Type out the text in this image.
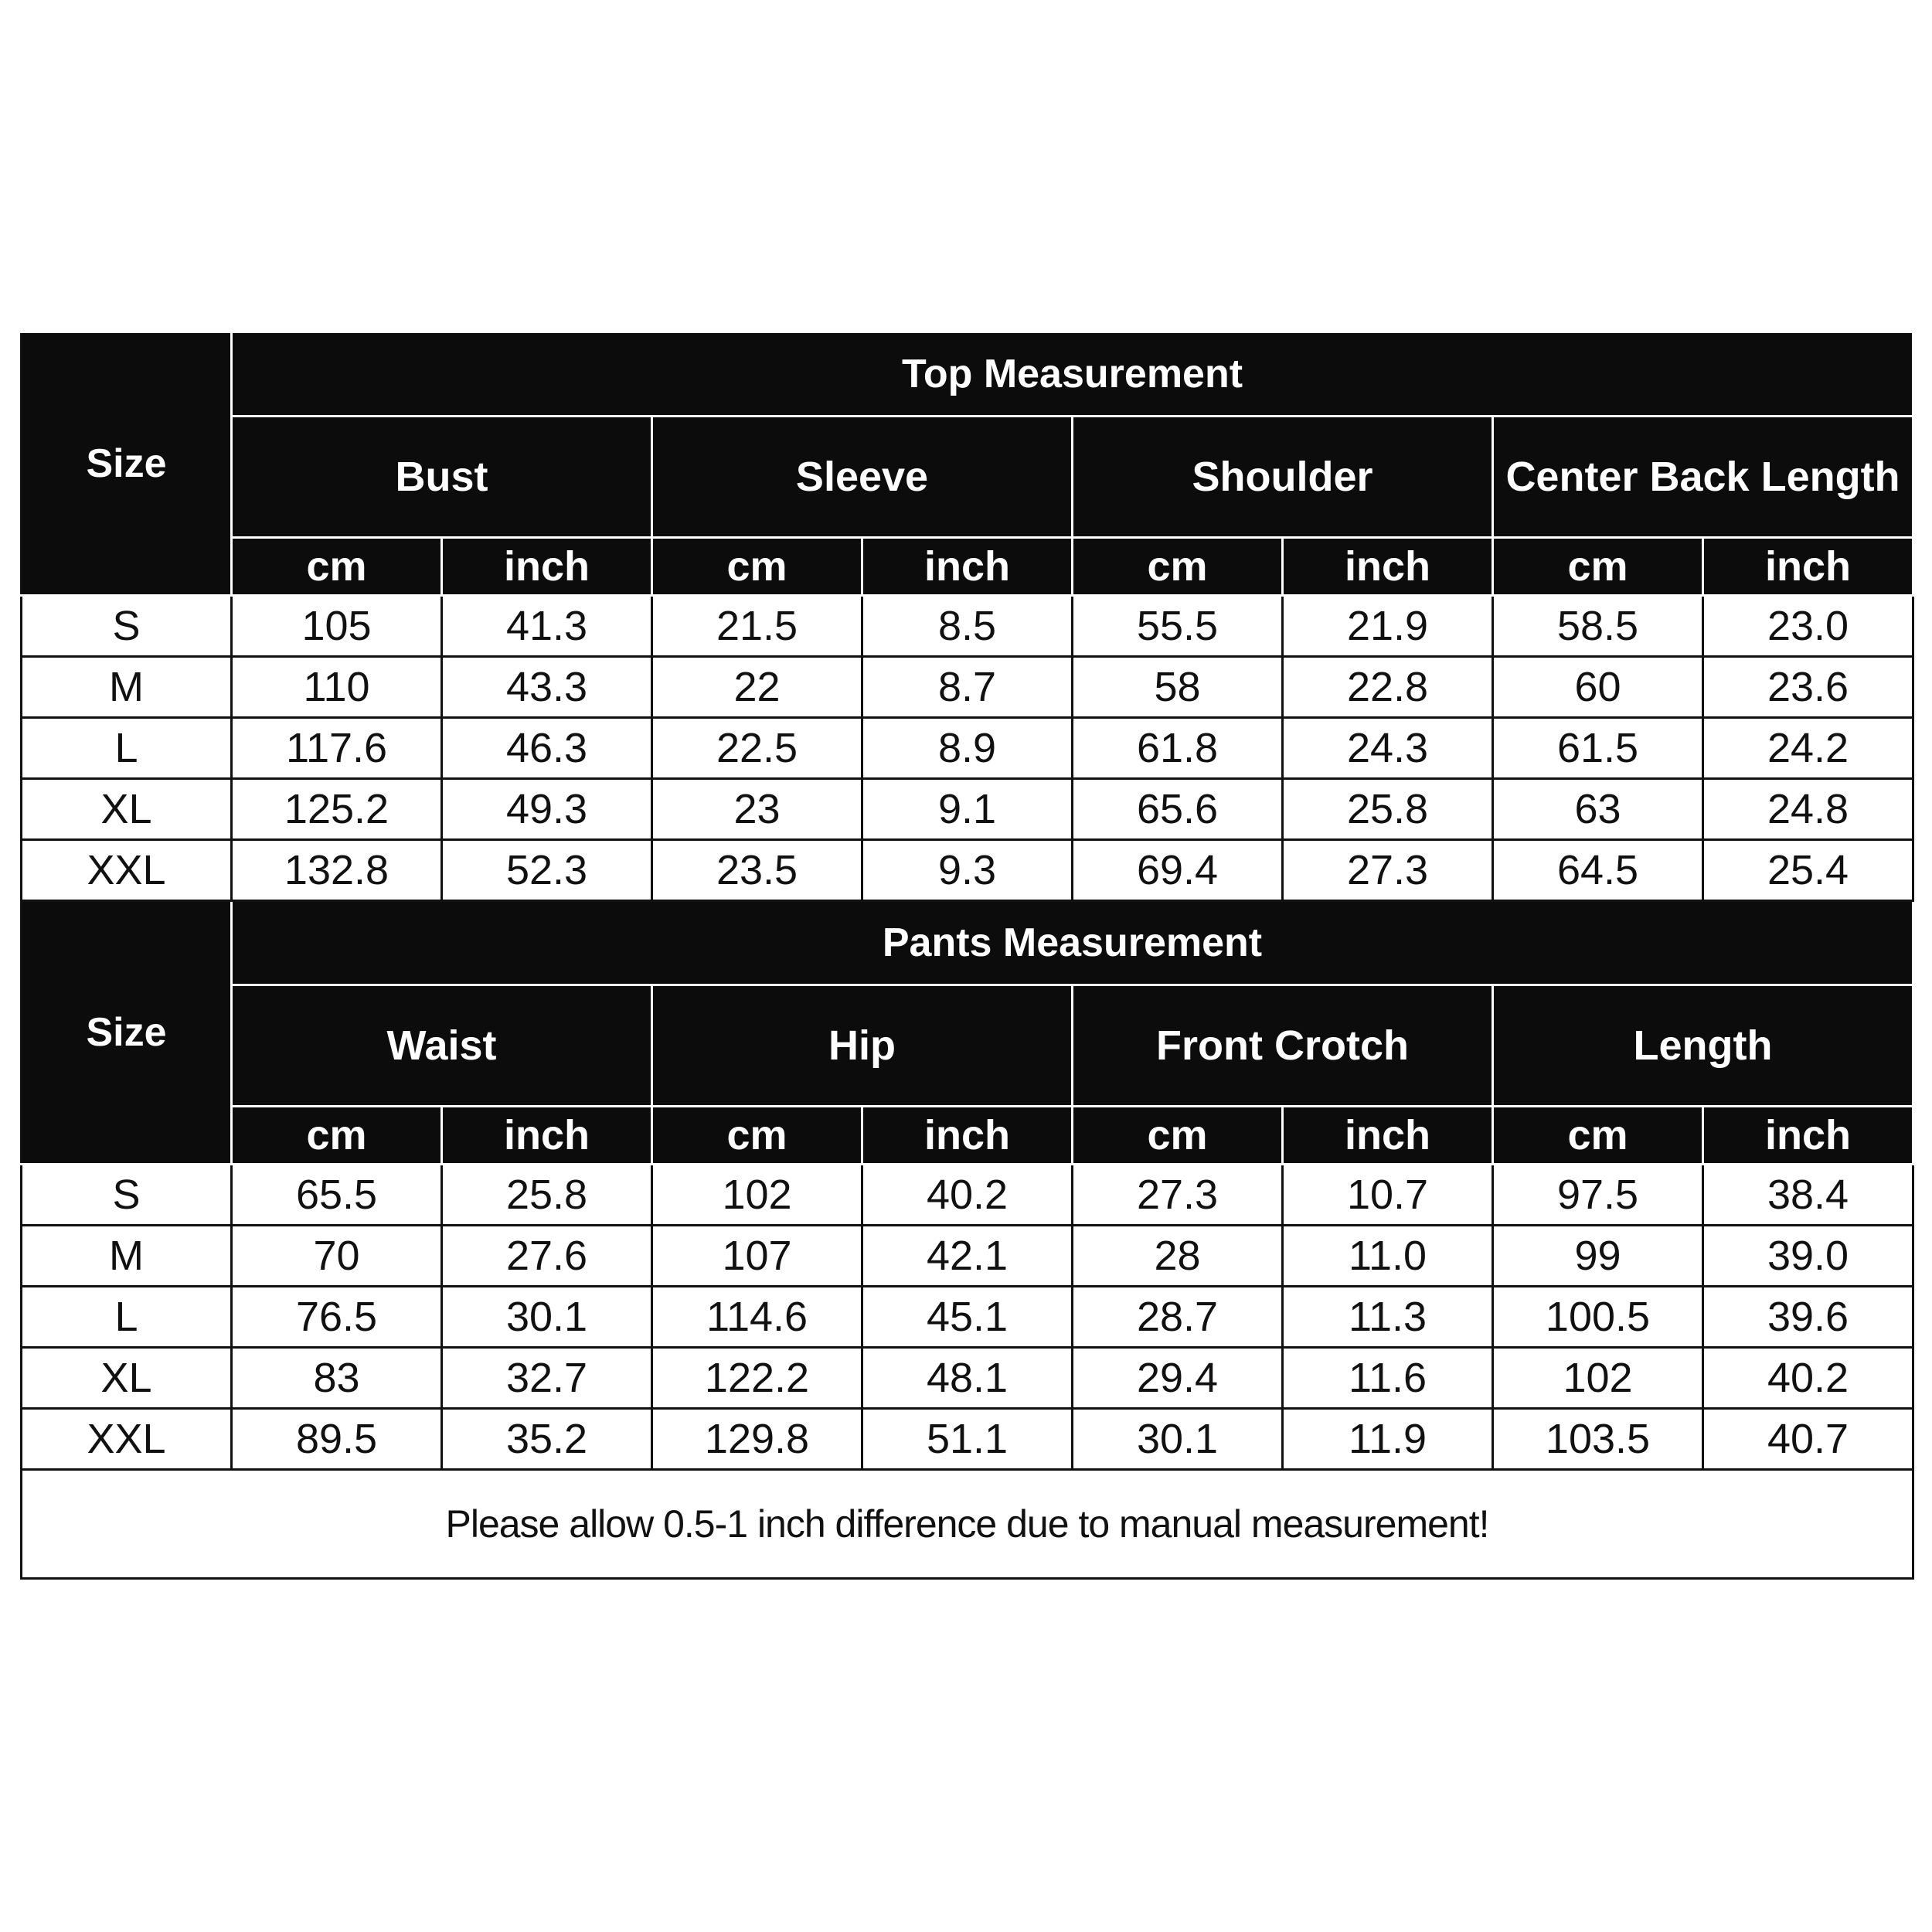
Size	Top Measurement							
	Bust		Sleeve		Shoulder		Center Back Length	
	cm	inch	cm	inch	cm	inch	cm	inch
S	105	41.3	21.5	8.5	55.5	21.9	58.5	23.0
M	110	43.3	22	8.7	58	22.8	60	23.6
L	117.6	46.3	22.5	8.9	61.8	24.3	61.5	24.2
XL	125.2	49.3	23	9.1	65.6	25.8	63	24.8
XXL	132.8	52.3	23.5	9.3	69.4	27.3	64.5	25.4
Size	Pants Measurement							
	Waist		Hip		Front Crotch		Length	
	cm	inch	cm	inch	cm	inch	cm	inch
S	65.5	25.8	102	40.2	27.3	10.7	97.5	38.4
M	70	27.6	107	42.1	28	11.0	99	39.0
L	76.5	30.1	114.6	45.1	28.7	11.3	100.5	39.6
XL	83	32.7	122.2	48.1	29.4	11.6	102	40.2
XXL	89.5	35.2	129.8	51.1	30.1	11.9	103.5	40.7
Please allow 0.5-1 inch difference due to manual measurement!								
